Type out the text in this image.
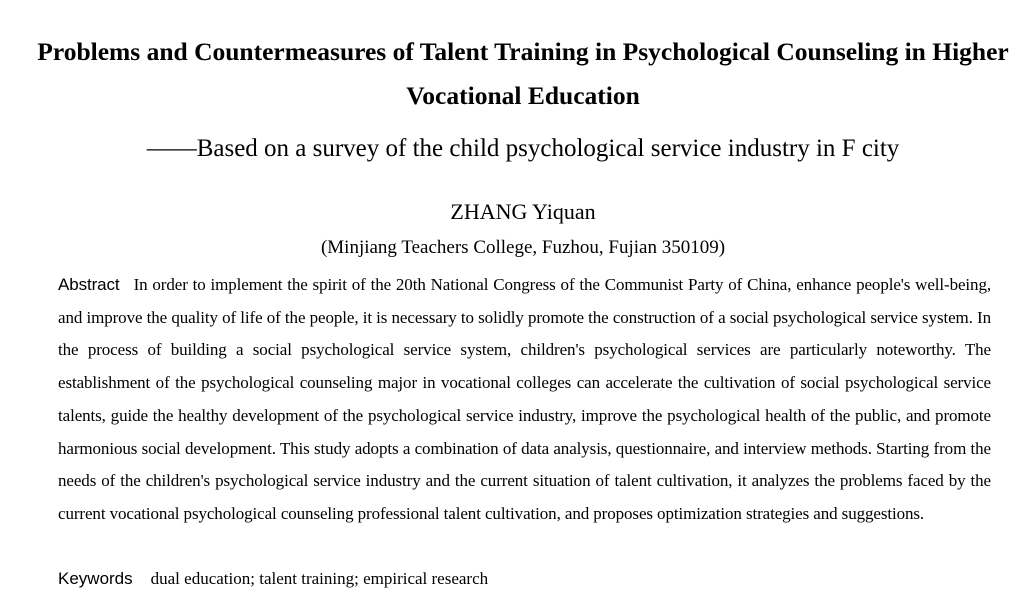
Problems and Countermeasures of Talent Training in Psychological Counseling in Higher Vocational Education

——Based on a survey of the child psychological service industry in F city

ZHANG Yiquan

(Minjiang Teachers College, Fuzhou, Fujian 350109)

Abstract In order to implement the spirit of the 20th National Congress of the Communist Party of China, enhance people's well-being, and improve the quality of life of the people, it is necessary to solidly promote the construction of a social psychological service system. In the process of building a social psychological service system, children's psychological services are particularly noteworthy. The establishment of the psychological counseling major in vocational colleges can accelerate the cultivation of social psychological service talents, guide the healthy development of the psychological service industry, improve the psychological health of the public, and promote harmonious social development. This study adopts a combination of data analysis, questionnaire, and interview methods. Starting from the needs of the children's psychological service industry and the current situation of talent cultivation, it analyzes the problems faced by the current vocational psychological counseling professional talent cultivation, and proposes optimization strategies and suggestions.

Keywords dual education; talent training; empirical research
